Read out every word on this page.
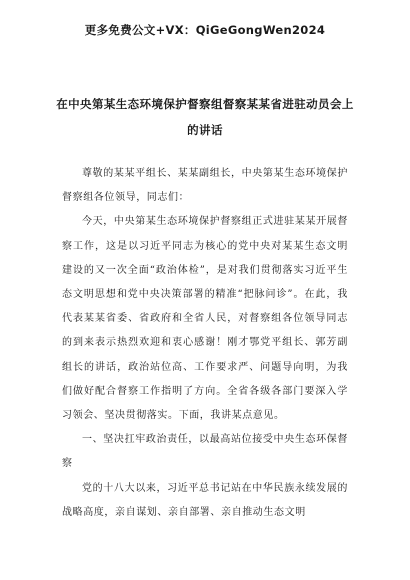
更多免费公文+VX：QiGeGongWen2024
在中央第某生态环境保护督察组督察某某省进驻动员会上
的讲话

尊敬的某某平组长、某某副组长，中央第某生态环境保护督察组各位领导，同志们：

今天，中央第某生态环境保护督察组正式进驻某某开展督察工作，这是以习近平同志为核心的党中央对某某生态文明建设的又一次全面“政治体检”，是对我们贯彻落实习近平生态文明思想和党中央决策部署的精准“把脉问诊”。在此，我代表某某省委、省政府和全省人民，对督察组各位领导同志的到来表示热烈欢迎和衷心感谢！刚才鄂党平组长、郭芳副组长的讲话，政治站位高、工作要求严、问题导向明，为我们做好配合督察工作指明了方向。全省各级各部门要深入学习领会、坚决贯彻落实。下面，我讲某点意见。

一、坚决扛牢政治责任，以最高站位接受中央生态环保督察

党的十八大以来，习近平总书记站在中华民族永续发展的战略高度，亲自谋划、亲自部署、亲自推动生态文明
